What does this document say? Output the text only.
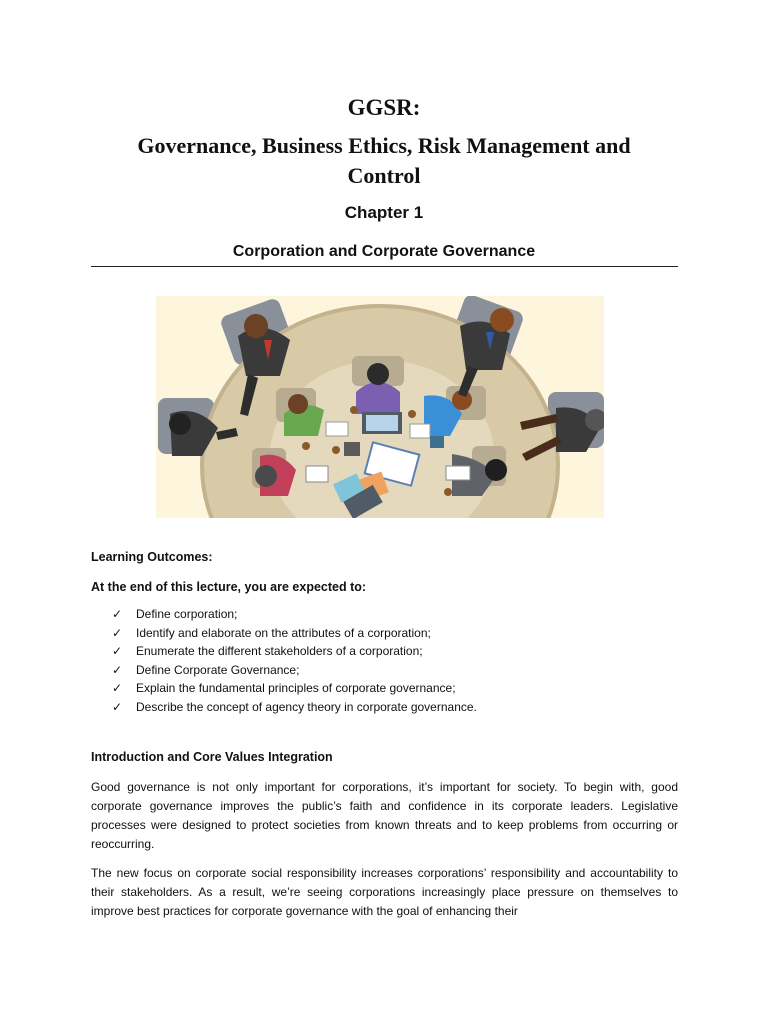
GGSR:
Governance, Business Ethics, Risk Management and Control
Chapter 1
Corporation and Corporate Governance
Learning Outcomes:
At the end of this lecture, you are expected to:
✓ Define corporation;
✓ Identify and elaborate on the attributes of a corporation;
✓ Enumerate the different stakeholders of a corporation;
✓ Define Corporate Governance;
✓ Explain the fundamental principles of corporate governance;
✓ Describe the concept of agency theory in corporate governance.
Introduction and Core Values Integration
Good governance is not only important for corporations, it’s important for society. To begin with, good corporate governance improves the public’s faith and confidence in its corporate leaders. Legislative processes were designed to protect societies from known threats and to keep problems from occurring or reoccurring.
The new focus on corporate social responsibility increases corporations’ responsibility and accountability to their stakeholders. As a result, we’re seeing corporations increasingly place pressure on themselves to improve best practices for corporate governance with the goal of enhancing their
